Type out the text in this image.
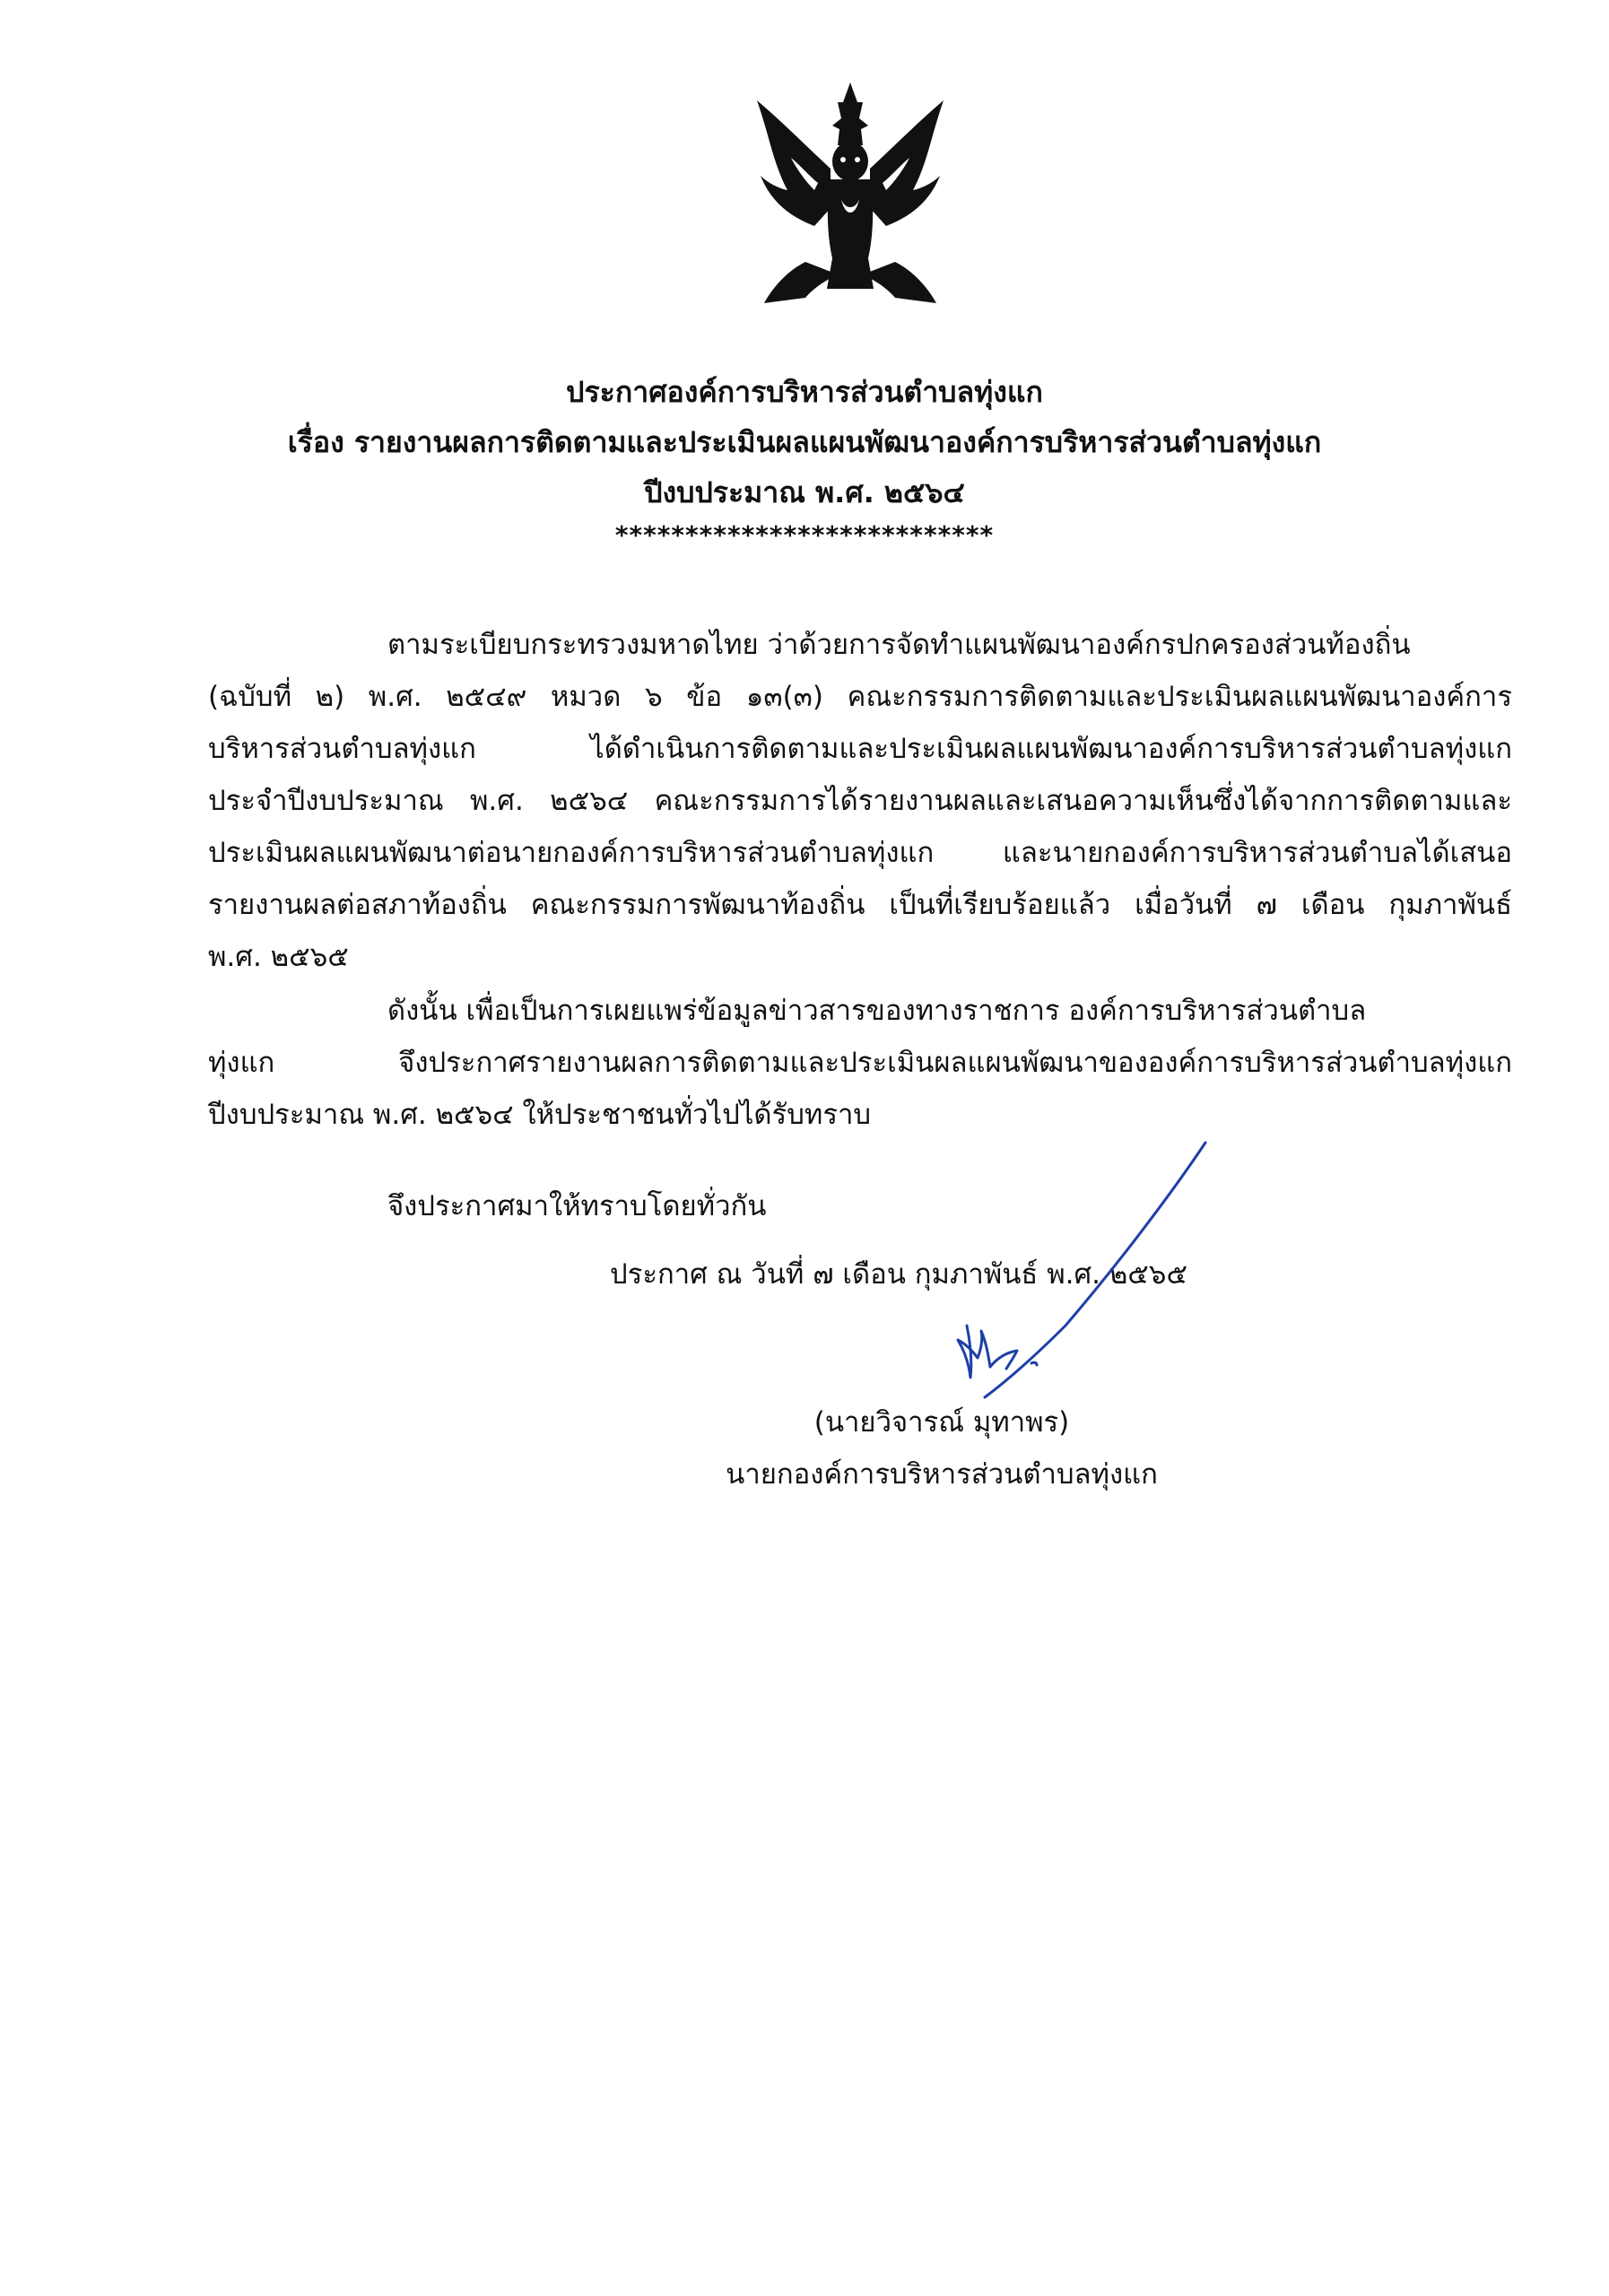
ประกาศองค์การบริหารส่วนตำบลทุ่งแก
เรื่อง รายงานผลการติดตามและประเมินผลแผนพัฒนาองค์การบริหารส่วนตำบลทุ่งแก
ปีงบประมาณ พ.ศ. ๒๕๖๔
***************************
ตามระเบียบกระทรวงมหาดไทย ว่าด้วยการจัดทำแผนพัฒนาองค์กรปกครองส่วนท้องถิ่น
(ฉบับที่ ๒) พ.ศ. ๒๕๔๙ หมวด ๖ ข้อ ๑๓(๓) คณะกรรมการติดตามและประเมินผลแผนพัฒนาองค์การ
บริหารส่วนตำบลทุ่งแก ได้ดำเนินการติดตามและประเมินผลแผนพัฒนาองค์การบริหารส่วนตำบลทุ่งแก
ประจำปีงบประมาณ พ.ศ. ๒๕๖๔ คณะกรรมการได้รายงานผลและเสนอความเห็นซึ่งได้จากการติดตามและ
ประเมินผลแผนพัฒนาต่อนายกองค์การบริหารส่วนตำบลทุ่งแก และนายกองค์การบริหารส่วนตำบลได้เสนอ
รายงานผลต่อสภาท้องถิ่น คณะกรรมการพัฒนาท้องถิ่น เป็นที่เรียบร้อยแล้ว เมื่อวันที่ ๗ เดือน กุมภาพันธ์
พ.ศ. ๒๕๖๕
ดังนั้น เพื่อเป็นการเผยแพร่ข้อมูลข่าวสารของทางราชการ องค์การบริหารส่วนตำบล
ทุ่งแก จึงประกาศรายงานผลการติดตามและประเมินผลแผนพัฒนาขององค์การบริหารส่วนตำบลทุ่งแก
ปีงบประมาณ พ.ศ. ๒๕๖๔ ให้ประชาชนทั่วไปได้รับทราบ
จึงประกาศมาให้ทราบโดยทั่วกัน
ประกาศ ณ วันที่ ๗ เดือน กุมภาพันธ์ พ.ศ. ๒๕๖๕
(นายวิจารณ์ มุทาพร)
นายกองค์การบริหารส่วนตำบลทุ่งแก
